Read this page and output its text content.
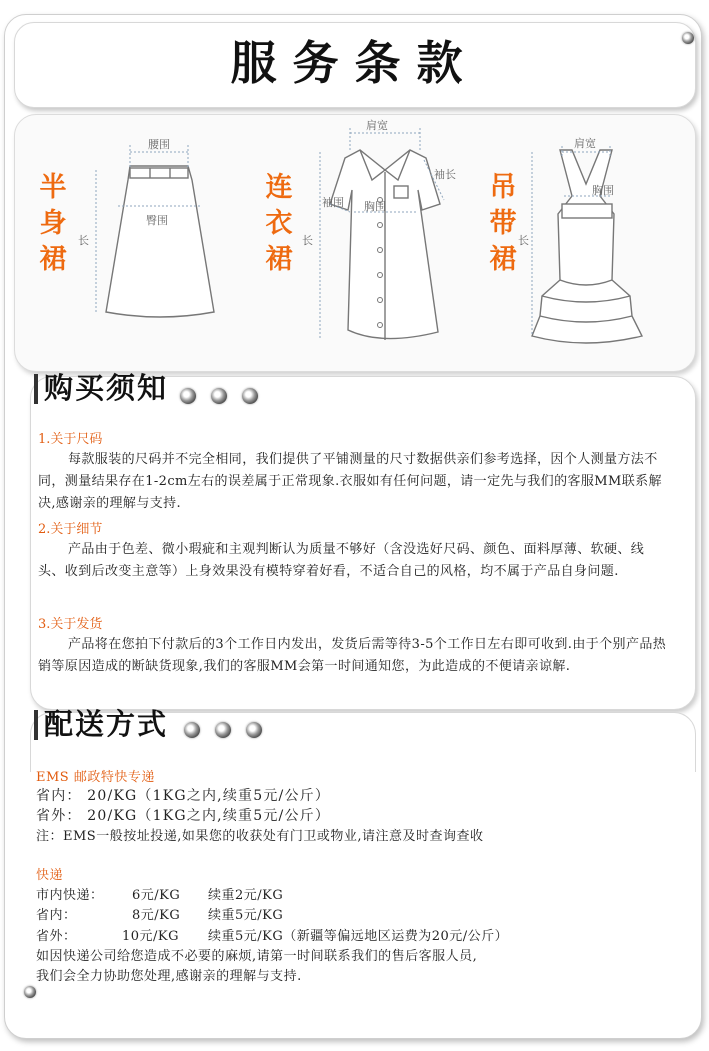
服务条款
半身裙
连衣裙
吊带裙
腰围
臀围
长
肩宽
袖长
袖围 胸围
长
肩宽
胸围
长
购买须知
1.关于尺码
每款服装的尺码并不完全相同，我们提供了平铺测量的尺寸数据供亲们参考选择，因个人测量方法不同，测量结果存在1-2cm左右的误差属于正常现象.衣服如有任何问题，请一定先与我们的客服MM联系解决,感谢亲的理解与支持.
2.关于细节
产品由于色差、微小瑕疵和主观判断认为质量不够好（含没选好尺码、颜色、面料厚薄、软硬、线头、收到后改变主意等）上身效果没有模特穿着好看，不适合自己的风格，均不属于产品自身问题.
3.关于发货
产品将在您拍下付款后的3个工作日内发出，发货后需等待3-5个工作日左右即可收到.由于个别产品热销等原因造成的断缺货现象,我们的客服MM会第一时间通知您，为此造成的不便请亲谅解.
配送方式
EMS 邮政特快专递
省内： 20/KG（1KG之内,续重5元/公斤）
省外： 20/KG（1KG之内,续重5元/公斤）
注：EMS一般按址投递,如果您的收获处有门卫或物业,请注意及时查询查收
快递
市内快递： 6元/KG 续重2元/KG
省内：	8元/KG 续重5元/KG
省外：	10元/KG 续重5元/KG（新疆等偏远地区运费为20元/公斤）
如因快递公司给您造成不必要的麻烦,请第一时间联系我们的售后客服人员,
我们会全力协助您处理,感谢亲的理解与支持.
